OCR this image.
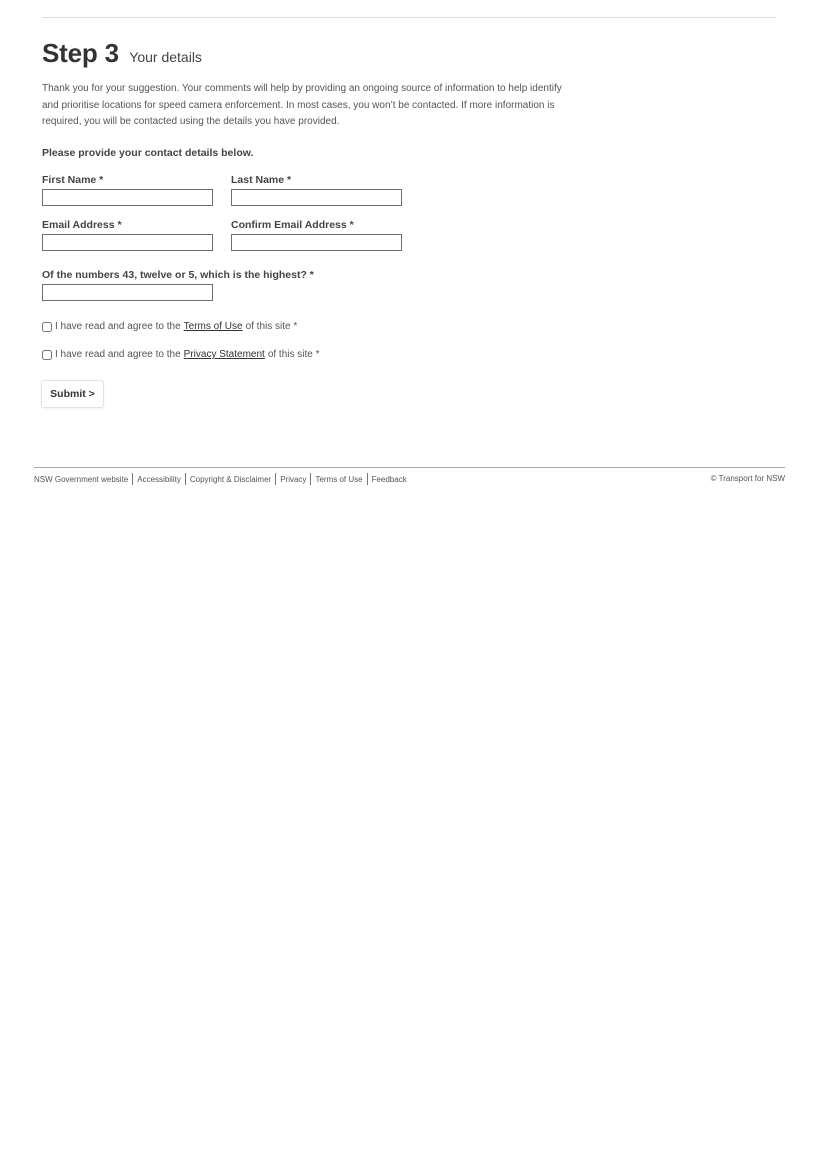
Step 3 Your details
Thank you for your suggestion. Your comments will help by providing an ongoing source of information to help identify
and prioritise locations for speed camera enforcement. In most cases, you won’t be contacted. If more information is
required, you will be contacted using the details you have provided.
Please provide your contact details below.
First Name *	Last Name *
Email Address *	Confirm Email Address *
Of the numbers 43, twelve or 5, which is the highest? *
I have read and agree to the Terms of Use of this site *
I have read and agree to the Privacy Statement of this site *
Submit >
NSW Government website Accessibility Copyright & Disclaimer Privacy Terms of Use Feedback	© Transport for NSW
